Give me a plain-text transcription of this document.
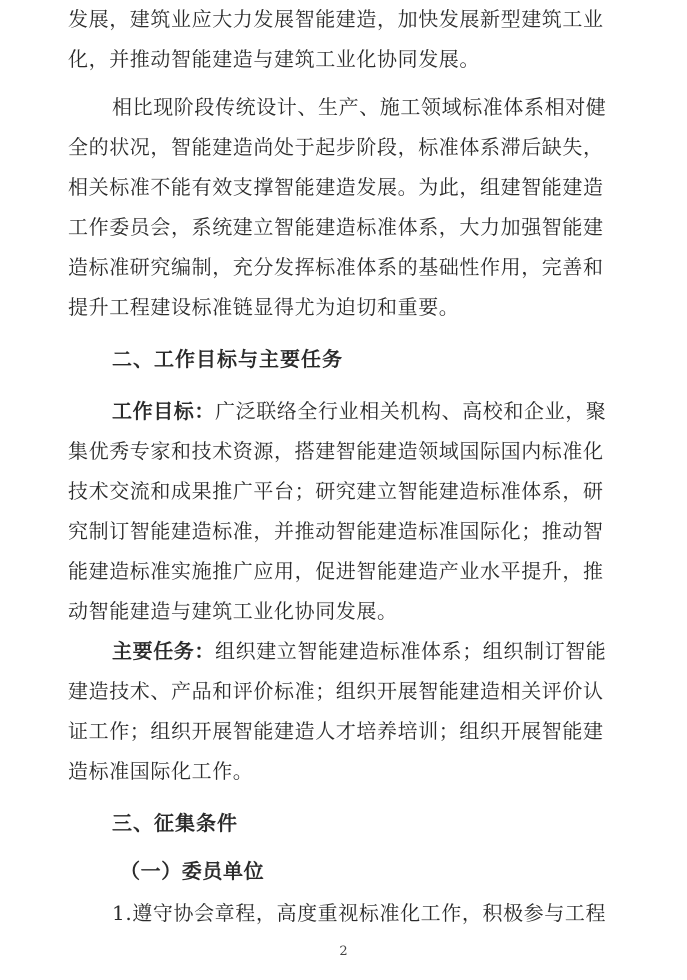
发展，建筑业应大力发展智能建造，加快发展新型建筑工业
化，并推动智能建造与建筑工业化协同发展。
相比现阶段传统设计、生产、施工领域标准体系相对健
全的状况，智能建造尚处于起步阶段，标准体系滞后缺失，
相关标准不能有效支撑智能建造发展。为此，组建智能建造
工作委员会，系统建立智能建造标准体系，大力加强智能建
造标准研究编制，充分发挥标准体系的基础性作用，完善和
提升工程建设标准链显得尤为迫切和重要。
二、工作目标与主要任务
工作目标：广泛联络全行业相关机构、高校和企业，聚
集优秀专家和技术资源，搭建智能建造领域国际国内标准化
技术交流和成果推广平台；研究建立智能建造标准体系，研
究制订智能建造标准，并推动智能建造标准国际化；推动智
能建造标准实施推广应用，促进智能建造产业水平提升，推
动智能建造与建筑工业化协同发展。
主要任务：组织建立智能建造标准体系；组织制订智能
建造技术、产品和评价标准；组织开展智能建造相关评价认
证工作；组织开展智能建造人才培养培训；组织开展智能建
造标准国际化工作。
三、征集条件
（一）委员单位
1.遵守协会章程，高度重视标准化工作，积极参与工程
2
